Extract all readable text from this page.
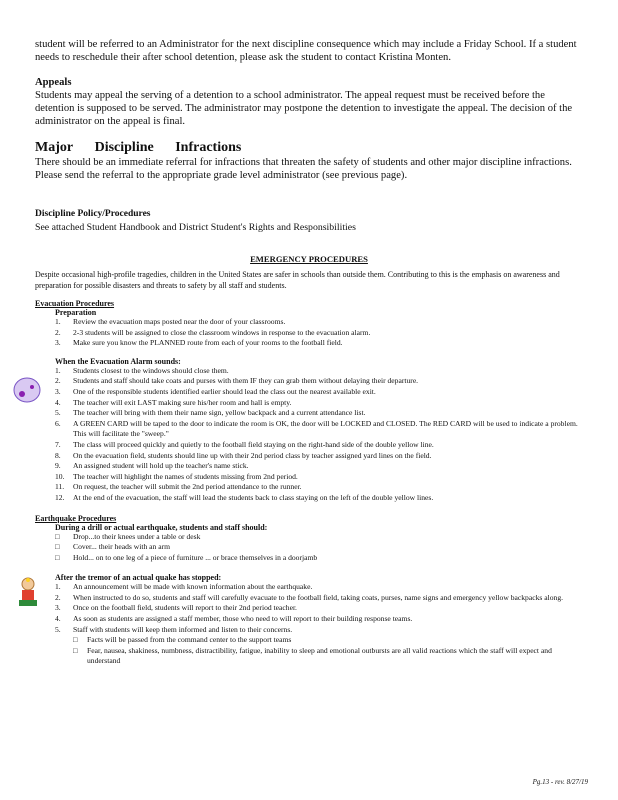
student will be referred to an Administrator for the next discipline consequence which may include a Friday School. If a student needs to reschedule their after school detention, please ask the student to contact Kristina Monten.

Appeals

Students may appeal the serving of a detention to a school administrator. The appeal request must be received before the detention is supposed to be served. The administrator may postpone the detention to investigate the appeal. The decision of the administrator on the appeal is final.

Major Discipline Infractions

There should be an immediate referral for infractions that threaten the safety of students and other major discipline infractions. Please send the referral to the appropriate grade level administrator (see previous page).

Discipline Policy/Procedures

See attached Student Handbook and District Student's Rights and Responsibilities

EMERGENCY PROCEDURES

Despite occasional high-profile tragedies, children in the United States are safer in schools than outside them. Contributing to this is the emphasis on awareness and preparation for possible disasters and threats to safety by all staff and students.

Evacuation Procedures

Preparation

1. Review the evacuation maps posted near the door of your classrooms.
2. 2-3 students will be assigned to close the classroom windows in response to the evacuation alarm.
3. Make sure you know the PLANNED route from each of your rooms to the football field.

When the Evacuation Alarm sounds:

1. Students closest to the windows should close them.
2. Students and staff should take coats and purses with them IF they can grab them without delaying their departure.
3. One of the responsible students identified earlier should lead the class out the nearest available exit.
4. The teacher will exit LAST making sure his/her room and hall is empty.
5. The teacher will bring with them their name sign, yellow backpack and a current attendance list.
6. A GREEN CARD will be taped to the door to indicate the room is OK, the door will be LOCKED and CLOSED. The RED CARD will be used to indicate a problem. This will facilitate the "sweep."
7. The class will proceed quickly and quietly to the football field staying on the right-hand side of the double yellow line.
8. On the evacuation field, students should line up with their 2nd period class by teacher assigned yard lines on the field.
9. An assigned student will hold up the teacher's name stick.
10. The teacher will highlight the names of students missing from 2nd period.
11. On request, the teacher will submit the 2nd period attendance to the runner.
12. At the end of the evacuation, the staff will lead the students back to class staying on the left of the double yellow lines.

Earthquake Procedures

During a drill or actual earthquake, students and staff should:

□ Drop...to their knees under a table or desk
□ Cover... their heads with an arm
□ Hold... on to one leg of a piece of furniture ... or brace themselves in a doorjamb

After the tremor of an actual quake has stopped:

1. An announcement will be made with known information about the earthquake.
2. When instructed to do so, students and staff will carefully evacuate to the football field, taking coats, purses, name signs and emergency yellow backpacks along.
3. Once on the football field, students will report to their 2nd period teacher.
4. As soon as students are assigned a staff member, those who need to will report to their building response teams.
5. Staff with students will keep them informed and listen to their concerns.
□ Facts will be passed from the command center to the support teams
□ Fear, nausea, shakiness, numbness, distractibility, fatigue, inability to sleep and emotional outbursts are all valid reactions which the staff will expect and understand
Pg.13 - rev. 8/27/19
